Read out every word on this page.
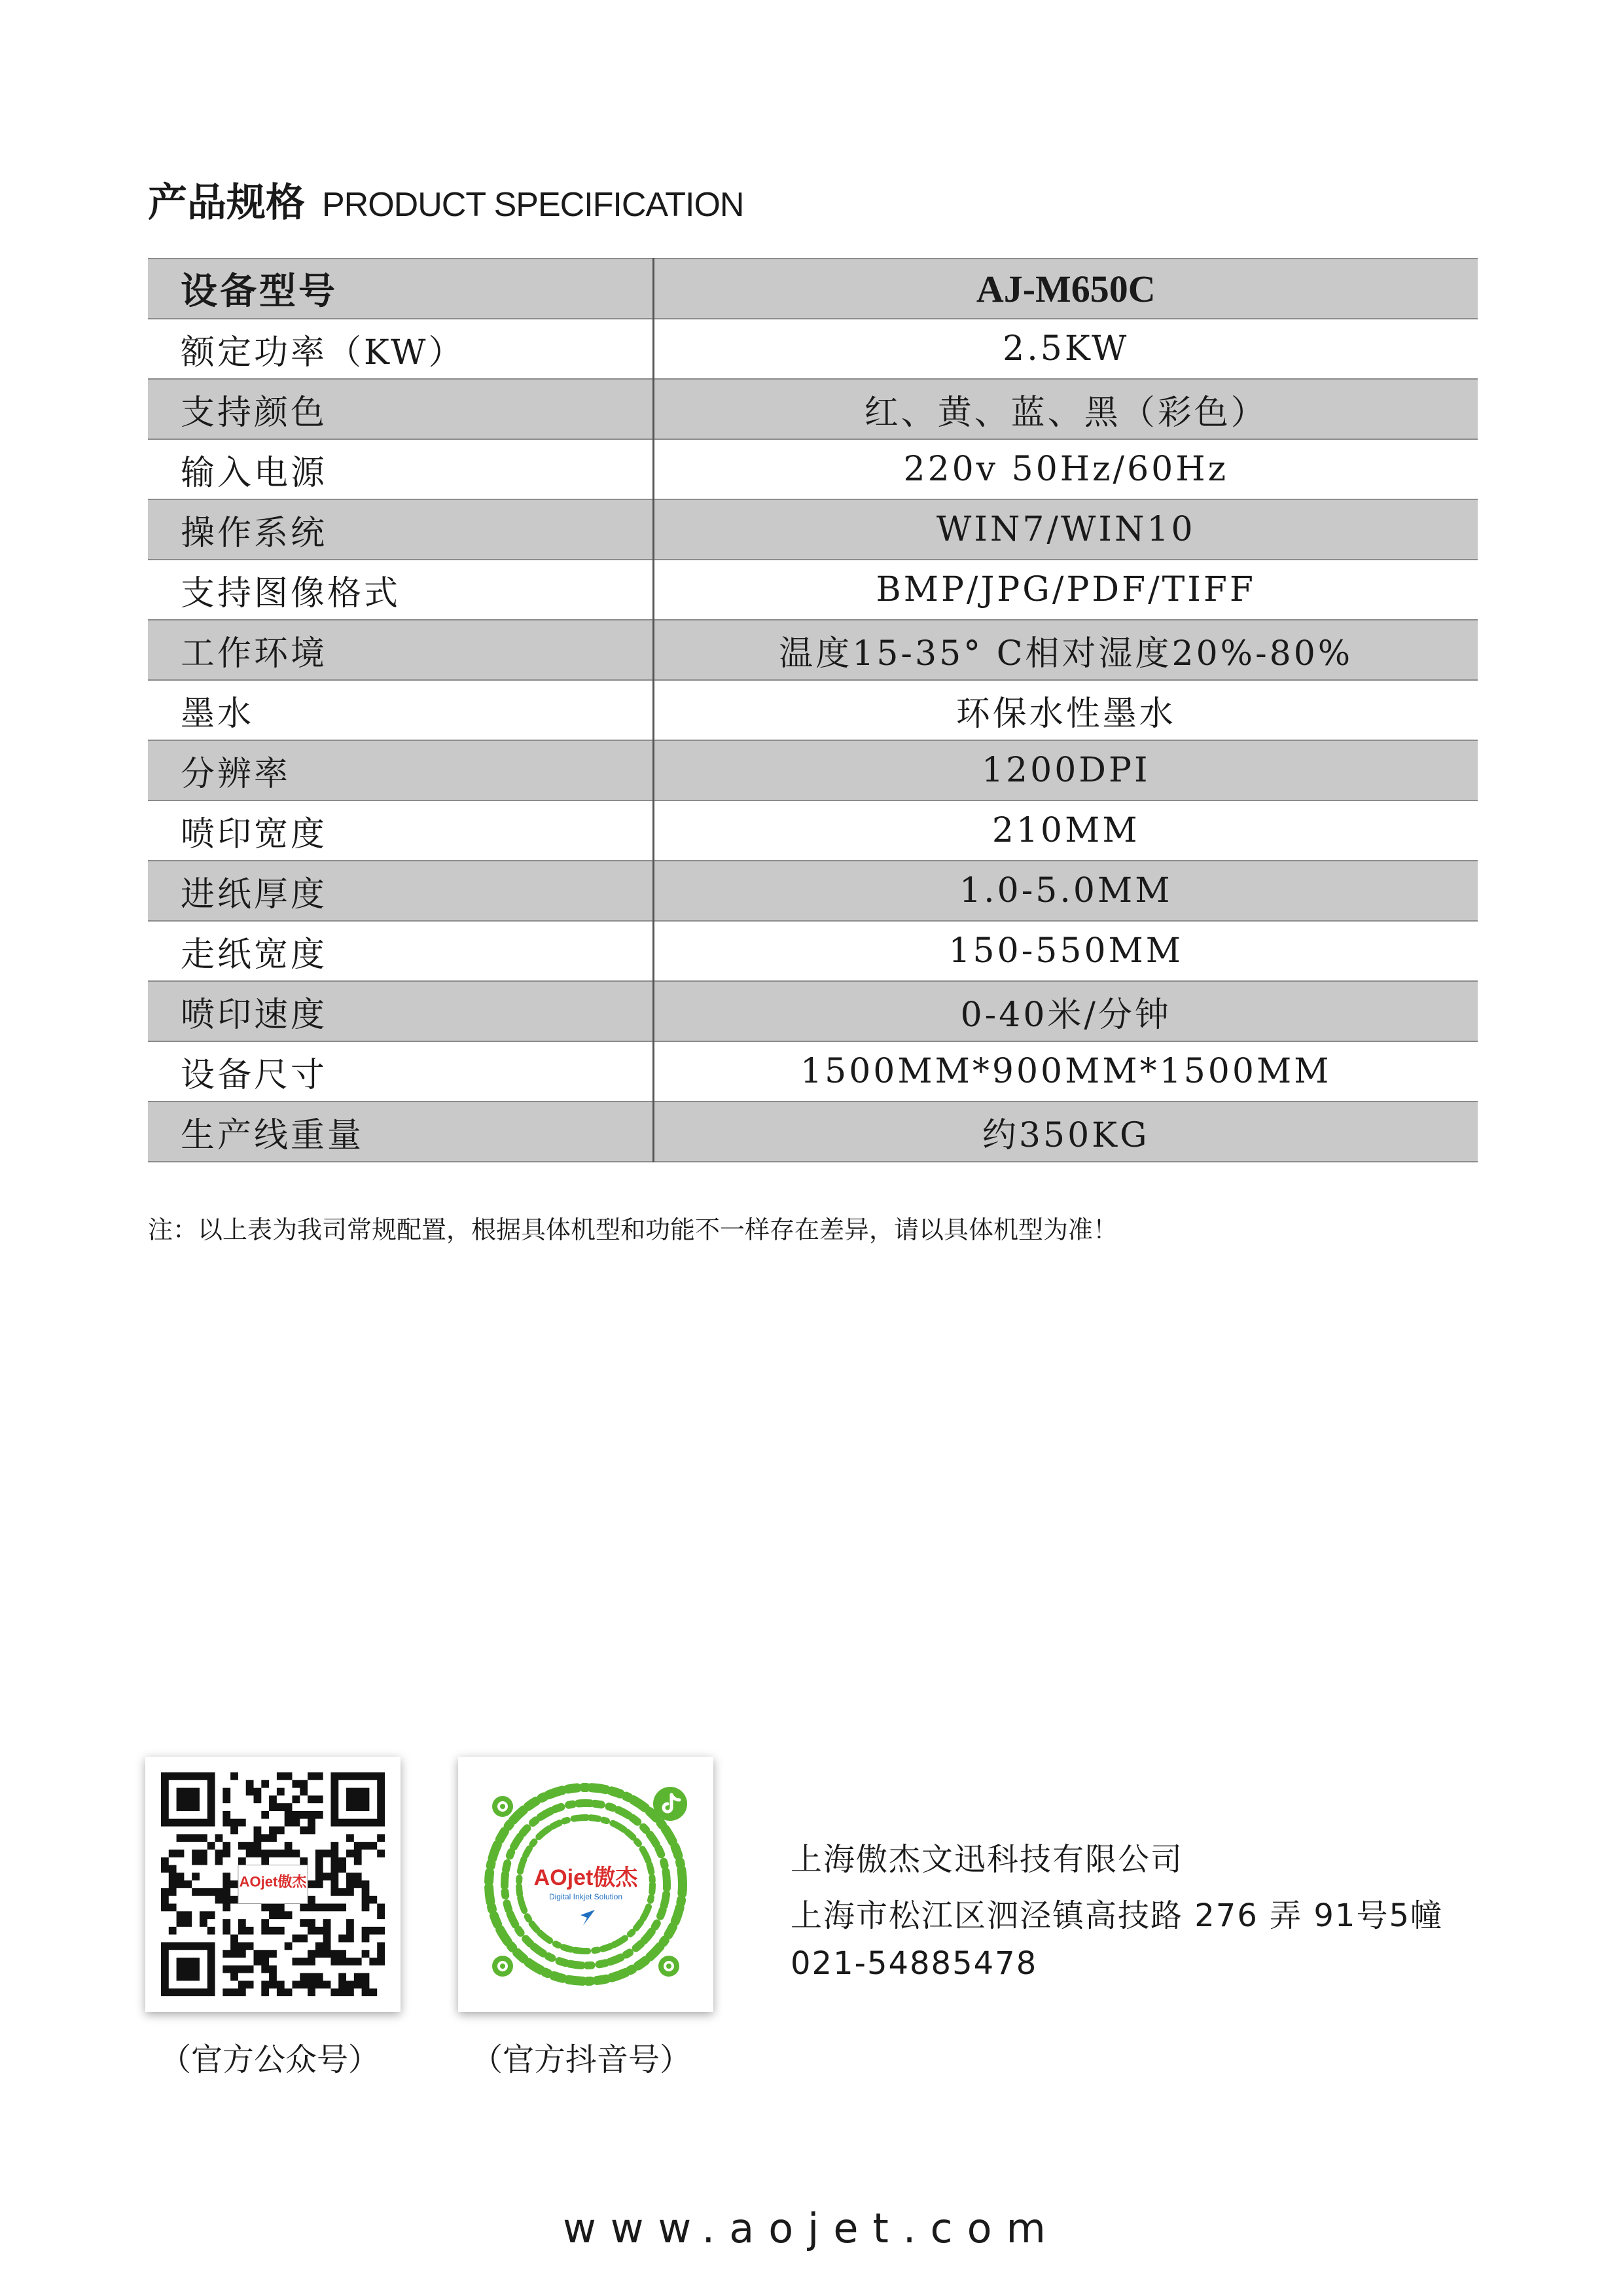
产品规格 PRODUCT SPECIFICATION
设备型号	AJ-M650C
额定功率（KW）	2.5KW
支持颜色	红、黄、蓝、黑（彩色）
输入电源	220v 50Hz/60Hz
操作系统	WIN7/WIN10
支持图像格式	BMP/JPG/PDF/TIFF
工作环境	温度15-35° C相对湿度20%-80%
墨水	环保水性墨水
分辨率	1200DPI
喷印宽度	210MM
进纸厚度	1.0-5.0MM
走纸宽度	150-550MM
喷印速度	0-40米/分钟
设备尺寸	1500MM*900MM*1500MM
生产线重量	约350KG
注：以上表为我司常规配置，根据具体机型和功能不一样存在差异，请以具体机型为准！
AOjet傲杰
（官方公众号）
AOjet傲杰
Digital Inkjet Solution
（官方抖音号）
上海傲杰文迅科技有限公司
上海市松江区泗泾镇高技路 276 弄 91号5幢
021-54885478
www.aojet.com
